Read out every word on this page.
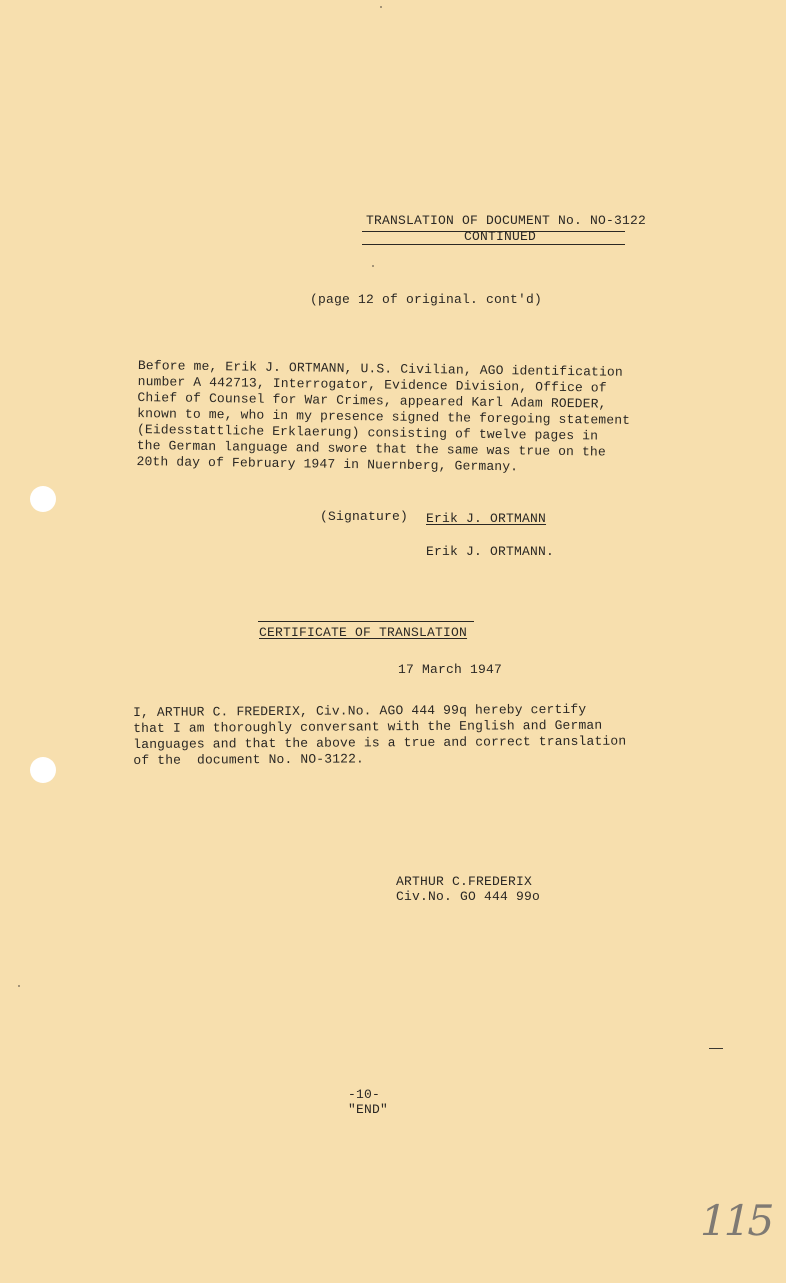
TRANSLATION OF DOCUMENT No. NO-3122
CONTINUED
(page 12 of original. cont'd)
Before me, Erik J. ORTMANN, U.S. Civilian, AGO identification
number A 442713, Interrogator, Evidence Division, Office of
Chief of Counsel for War Crimes, appeared Karl Adam ROEDER,
known to me, who in my presence signed the foregoing statement
(Eidesstattliche Erklaerung) consisting of twelve pages in
the German language and swore that the same was true on the
20th day of February 1947 in Nuernberg, Germany.
(Signature) Erik J. ORTMANN
Erik J. ORTMANN.
CERTIFICATE OF TRANSLATION
17 March 1947
I, ARTHUR C. FREDERIX, Civ.No. AGO 444 99q hereby certify
that I am thoroughly conversant with the English and German
languages and that the above is a true and correct translation
of the  document No. NO-3122.
ARTHUR C.FREDERIX
Civ.No. GO 444 99o
-10-
"END"
115
